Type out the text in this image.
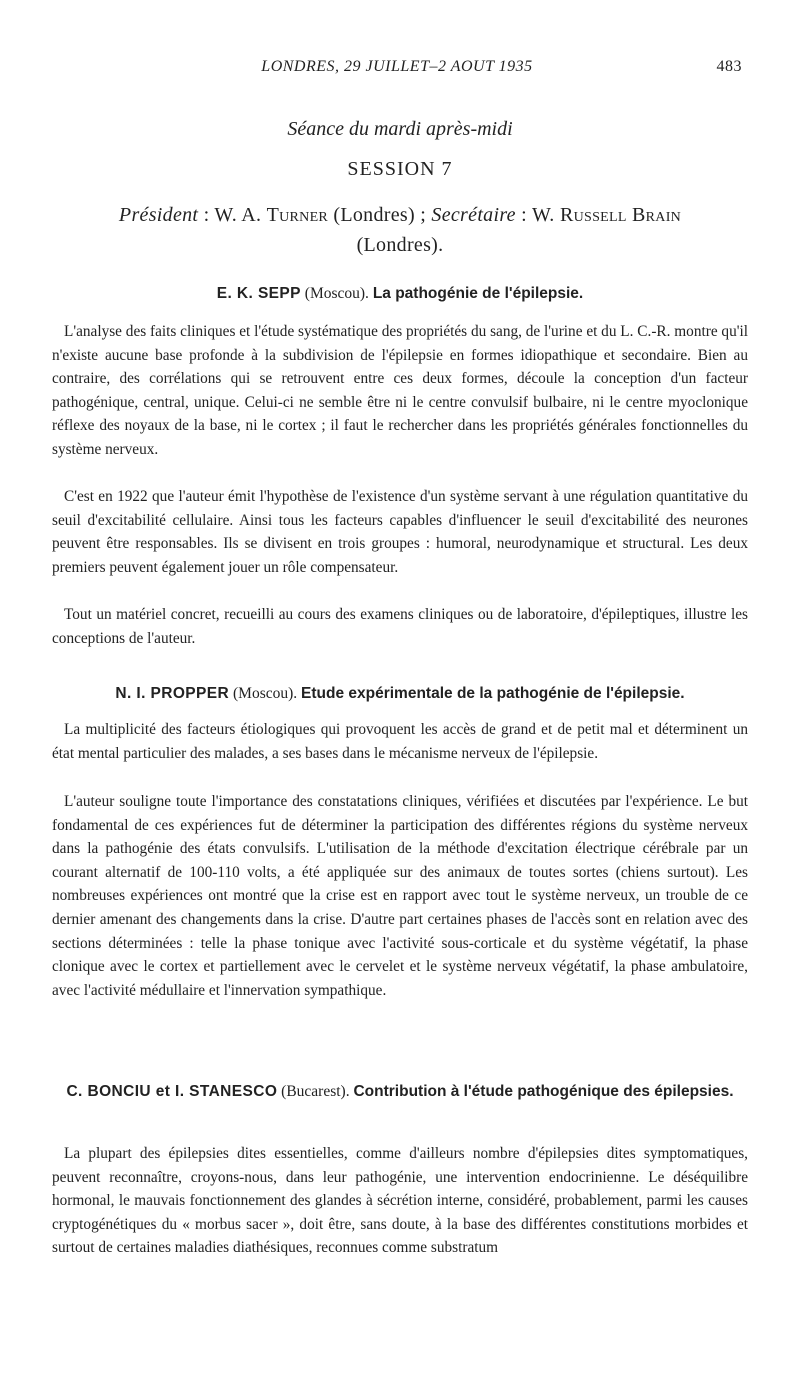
LONDRES, 29 JUILLET–2 AOUT 1935	483
Séance du mardi après-midi
SESSION 7
Président : W. A. Turner (Londres) ; Secrétaire : W. Russell Brain
(Londres).
E. K. SEPP (Moscou). La pathogénie de l'épilepsie.

L'analyse des faits cliniques et l'étude systématique des propriétés du sang, de l'urine et du L. C.-R. montre qu'il n'existe aucune base profonde à la subdivision de l'épilepsie en formes idiopathique et secondaire. Bien au contraire, des corrélations qui se retrouvent entre ces deux formes, découle la conception d'un facteur pathogénique, central, unique. Celui-ci ne semble être ni le centre convulsif bulbaire, ni le centre myoclonique réflexe des noyaux de la base, ni le cortex ; il faut le rechercher dans les propriétés générales fonctionnelles du système nerveux.

C'est en 1922 que l'auteur émit l'hypothèse de l'existence d'un système servant à une régulation quantitative du seuil d'excitabilité cellulaire. Ainsi tous les facteurs capables d'influencer le seuil d'excitabilité des neurones peuvent être responsables. Ils se divisent en trois groupes : humoral, neurodynamique et structural. Les deux premiers peuvent également jouer un rôle compensateur.

Tout un matériel concret, recueilli au cours des examens cliniques ou de laboratoire, d'épileptiques, illustre les conceptions de l'auteur.

N. I. PROPPER (Moscou). Etude expérimentale de la pathogénie de l'épilepsie.

La multiplicité des facteurs étiologiques qui provoquent les accès de grand et de petit mal et déterminent un état mental particulier des malades, a ses bases dans le mécanisme nerveux de l'épilepsie.

L'auteur souligne toute l'importance des constatations cliniques, vérifiées et discutées par l'expérience. Le but fondamental de ces expériences fut de déterminer la participation des différentes régions du système nerveux dans la pathogénie des états convulsifs. L'utilisation de la méthode d'excitation électrique cérébrale par un courant alternatif de 100-110 volts, a été appliquée sur des animaux de toutes sortes (chiens surtout). Les nombreuses expériences ont montré que la crise est en rapport avec tout le système nerveux, un trouble de ce dernier amenant des changements dans la crise. D'autre part certaines phases de l'accès sont en relation avec des sections déterminées : telle la phase tonique avec l'activité sous-corticale et du système végétatif, la phase clonique avec le cortex et partiellement avec le cervelet et le système nerveux végétatif, la phase ambulatoire, avec l'activité médullaire et l'innervation sympathique.

C. BONCIU et I. STANESCO (Bucarest). Contribution à l'étude pathogénique des épilepsies.

La plupart des épilepsies dites essentielles, comme d'ailleurs nombre d'épilepsies dites symptomatiques, peuvent reconnaître, croyons-nous, dans leur pathogénie, une intervention endocrinienne. Le déséquilibre hormonal, le mauvais fonctionnement des glandes à sécrétion interne, considéré, probablement, parmi les causes cryptogénétiques du « morbus sacer », doit être, sans doute, à la base des différentes constitutions morbides et surtout de certaines maladies diathésiques, reconnues comme substratum
